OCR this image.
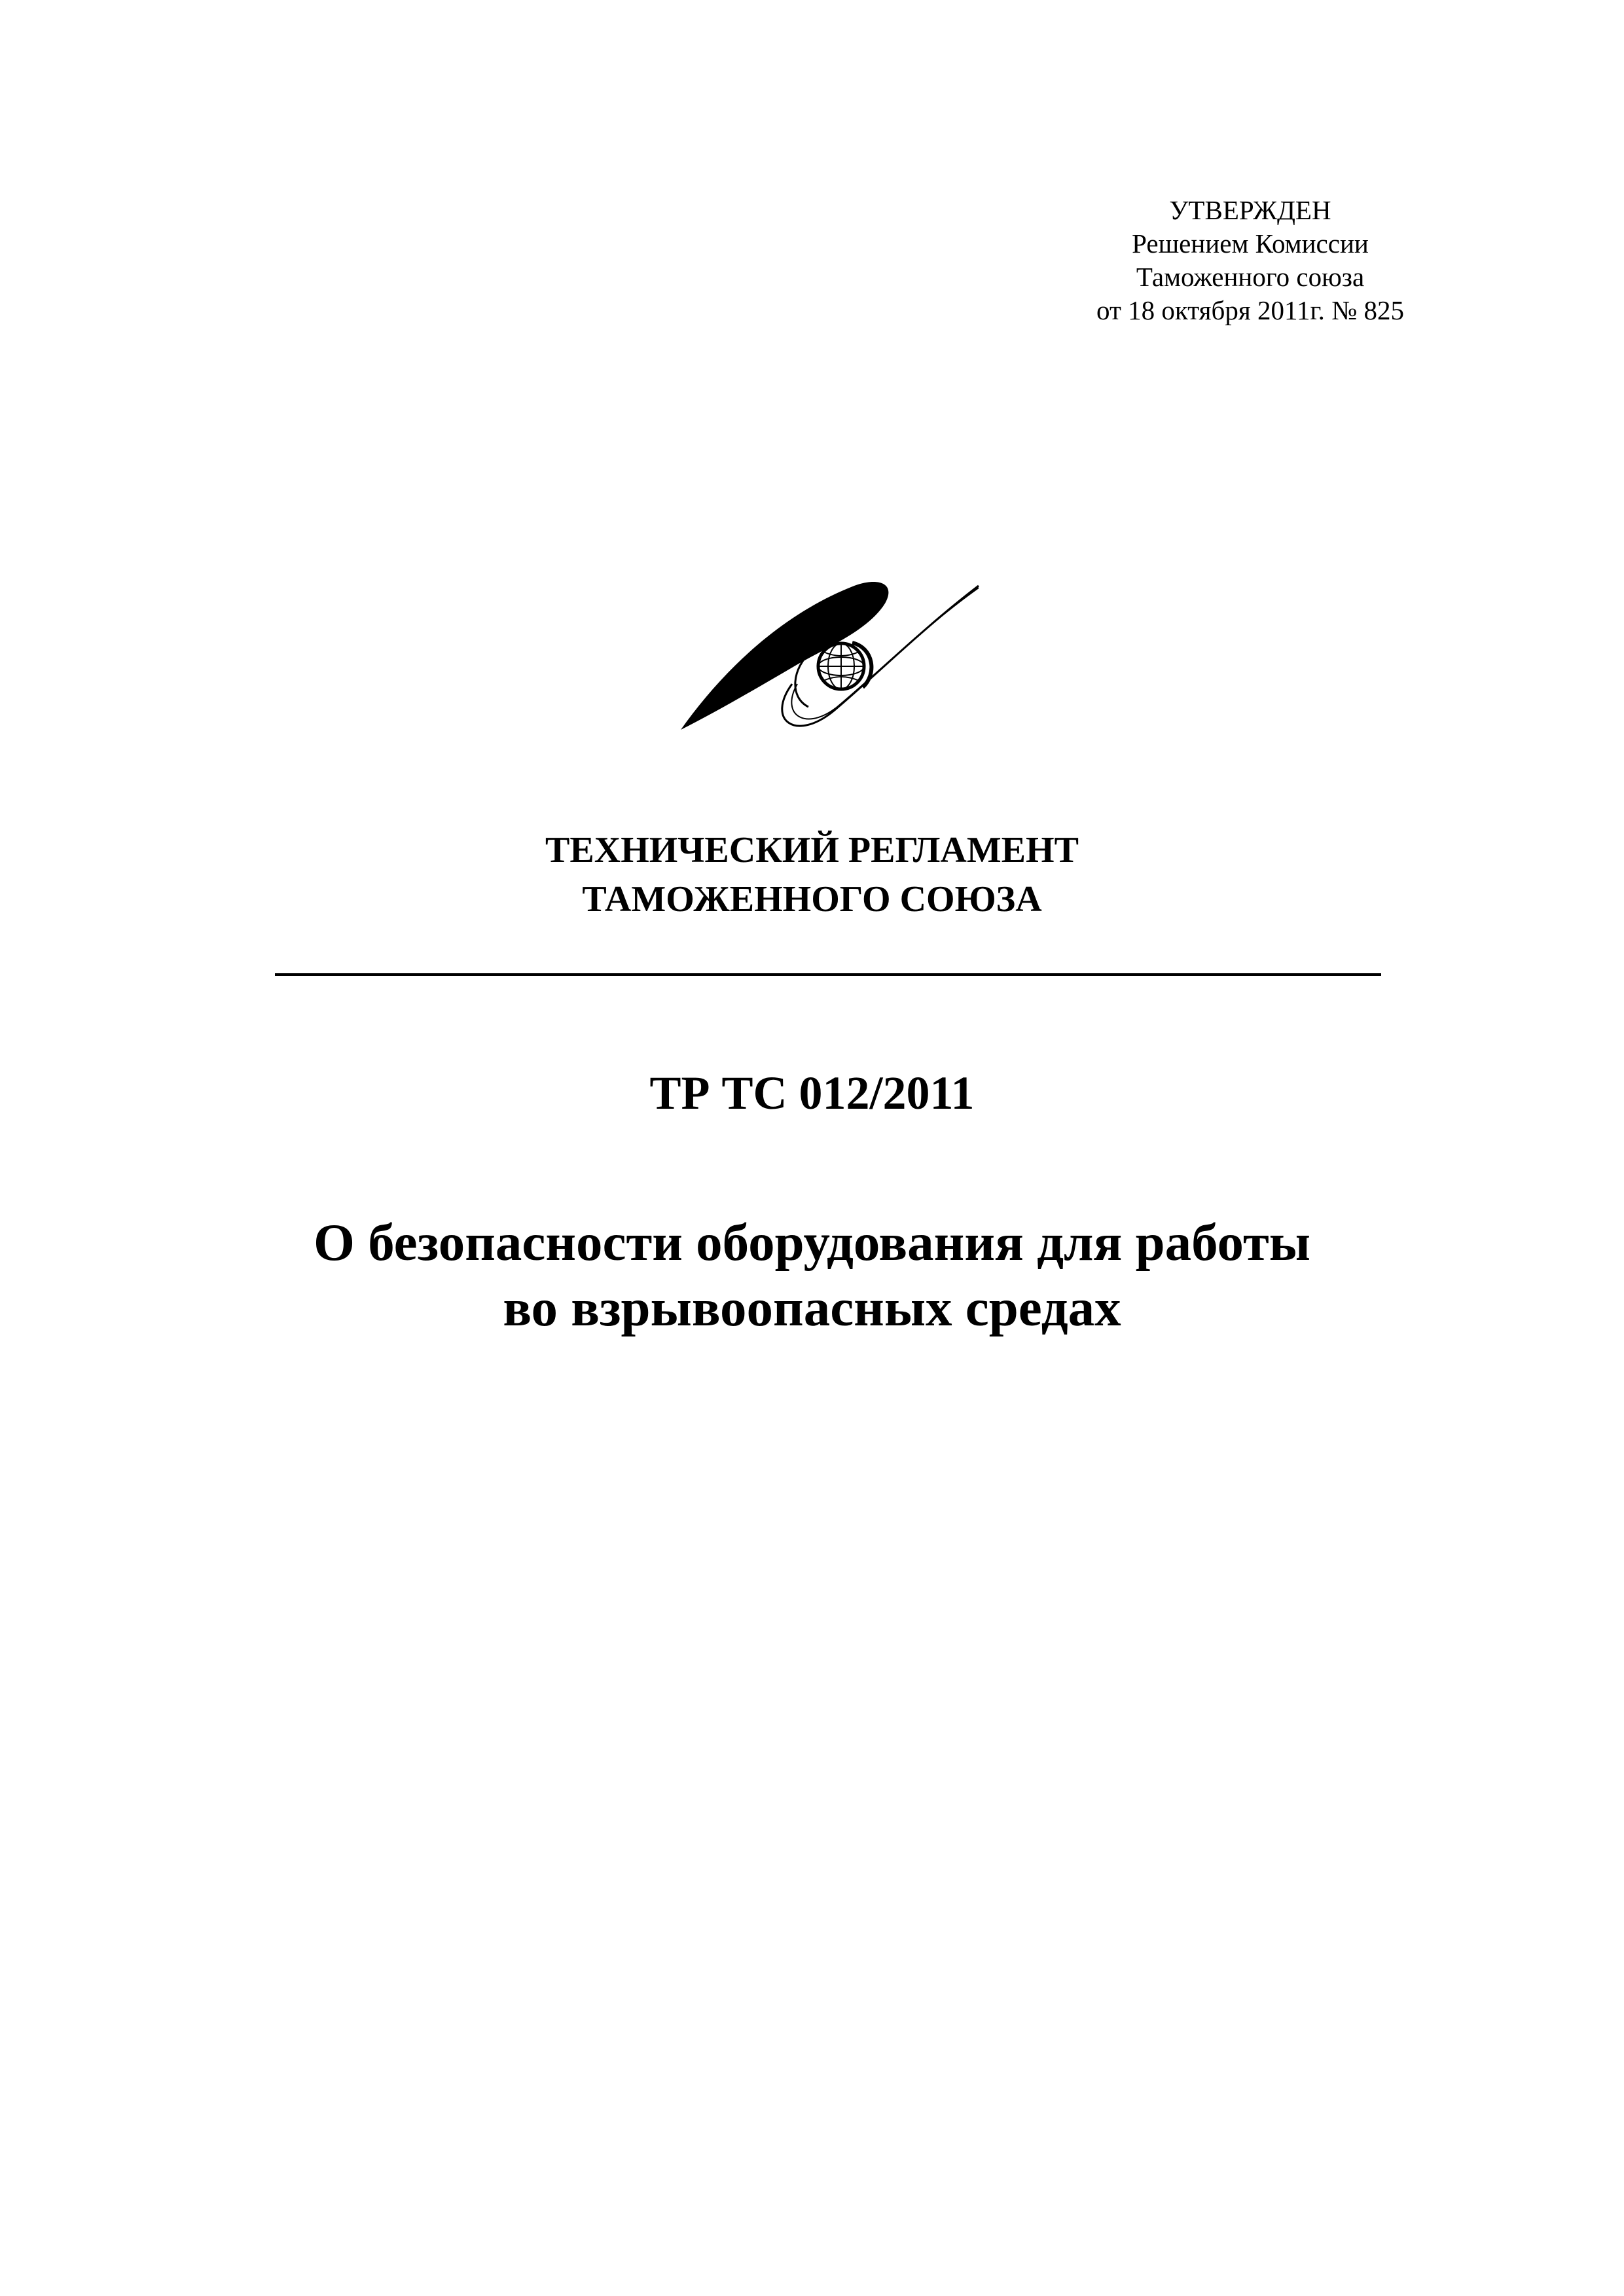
УТВЕРЖДЕН
Решением Комиссии
Таможенного союза
от 18 октября 2011г. № 825
ТЕХНИЧЕСКИЙ РЕГЛАМЕНТ
ТАМОЖЕННОГО СОЮЗА
ТР ТС 012/2011
О безопасности оборудования для работы
во взрывоопасных средах
